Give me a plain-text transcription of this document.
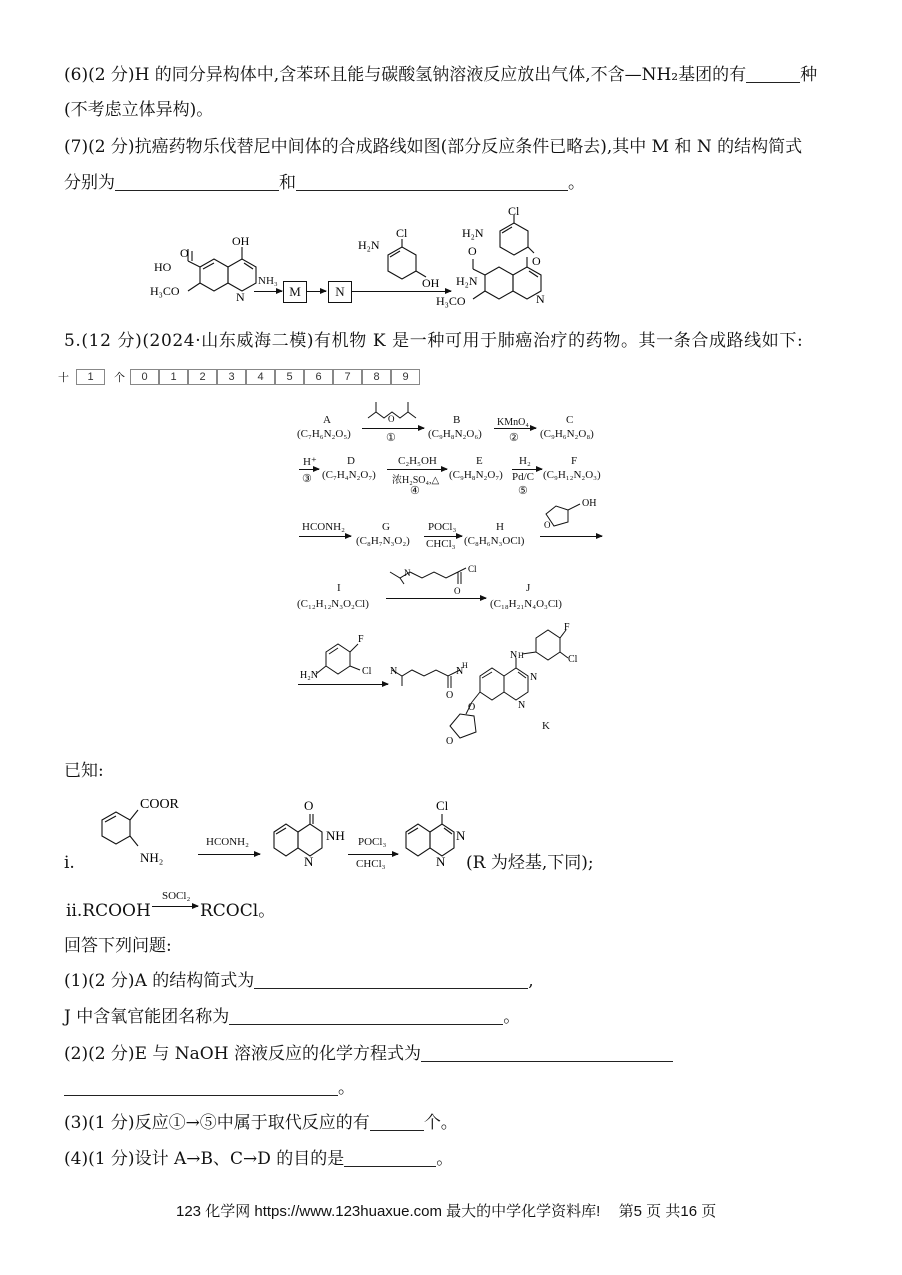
(6)(2 分)H 的同分异构体中,含苯环且能与碳酸氢钠溶液反应放出气体,不含—NH₂基团的有	种
(不考虑立体异构)。
(7)(2 分)抗癌药物乐伐替尼中间体的合成路线如图(部分反应条件已略去),其中 M 和 N 的结构简式
分别为	和	。
H₃CO
HO
O
OH
N
H₂N
Cl
OH
H₂N
Cl
O
H₂N
O
H₃CO	N
NH₃
M	N
5.(12 分)(2024·山东威海二模)有机物 K 是一种可用于肺癌治疗的药物。其一条合成路线如下:
十	1	个	0	1	2	3	4	5	6	7	8	9
A
(C₇H₆N₂O₅)
O
①
B
(C₉H₈N₂O₆)
KMnO₄
②
C
(C₉H₆N₂O₈)
H⁺
③
D
(C₇H₄N₂O₇)
C₂H₅OH
浓H₂SO₄,△
④
E
(C₉H₈N₂O₇)
H₂
Pd/C
⑤
F
(C₉H₁₂N₂O₃)
HCONH₂	G
(C₈H₇N₃O₂)
POCl₃
CHCl₃
H
(C₈H₆N₃OCl)
O
OH
I
(C₁₂H₁₂N₃O₂Cl)
N	Cl
O	J
(C₁₈H₂₁N₄O₃Cl)
H₂N
F
Cl N	N
H
O
N H
N
N
F
Cl
O
O
K
已知:
COOR
NH₂
O
NH
N
Cl
N
N
ⅰ.
HCONH₂	POCl₃
CHCl₃	(R 为烃基,下同);
ⅱ.RCOOH
SOCl₂
RCOCl。
回答下列问题:
(1)(2 分)A 的结构简式为	,
J 中含氧官能团名称为	。
(2)(2 分)E 与 NaOH 溶液反应的化学方程式为
。
(3)(1 分)反应①→⑤中属于取代反应的有	个。
(4)(1 分)设计 A→B、C→D 的目的是	。
123 化学网 https://www.123huaxue.com 最大的中学化学资料库! 第5 页 共16 页
